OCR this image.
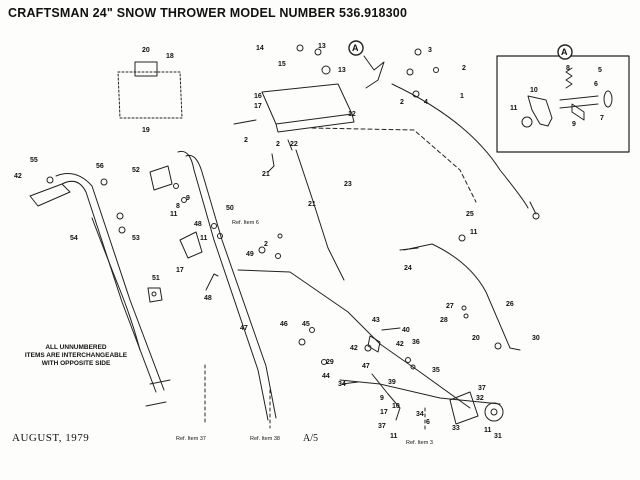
CRAFTSMAN 24" SNOW THROWER MODEL NUMBER 536.918300
20
18
19
14
15
13
13
16
17
12
2
2 22
3
2
4
2
1
21
23
21
25
11
24
26
27
28
20	30
43
40
42
42 36
47
35
34	39
9
17
37
10
34
6
33
37
32
11
31
11
46 45
47
29
44
50
48
11
8
11
9
49
2
17
48
51
52
53
54
55
56
42
5
6
8
10
11
9
7
A
A
Ref. Item 6
Ref. Item 37	Ref. Item 38
Ref. Item 3
ALL UNNUMBERED
ITEMS ARE INTERCHANGEABLE
WITH OPPOSITE SIDE
AUGUST, 1979	A/5
